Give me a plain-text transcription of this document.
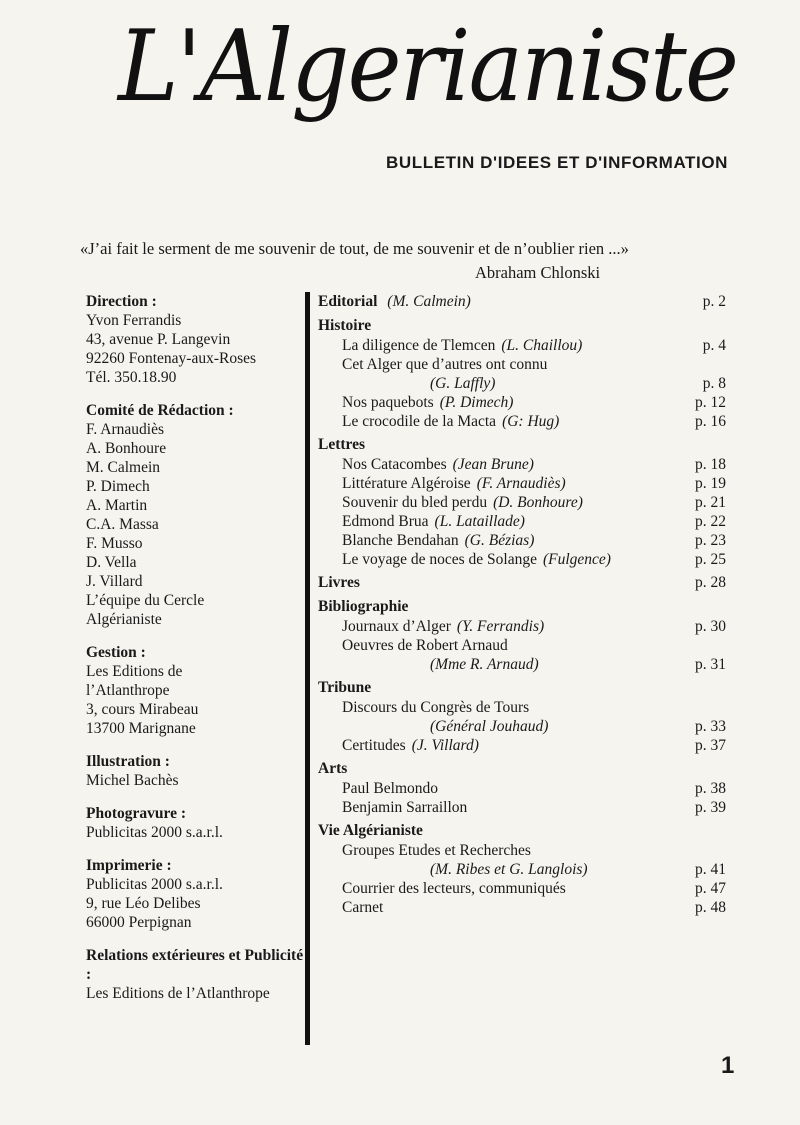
L'Algerianiste
BULLETIN D'IDEES ET D'INFORMATION
«J’ai fait le serment de me souvenir de tout, de me souvenir et de n’oublier rien ...»
Abraham Chlonski
Direction :
Yvon Ferrandis
43, avenue P. Langevin
92260 Fontenay-aux-Roses
Tél. 350.18.90
Comité de Rédaction :
F. Arnaudiès
A. Bonhoure
M. Calmein
P. Dimech
A. Martin
C.A. Massa
F. Musso
D. Vella
J. Villard
L’équipe du Cercle
Algérianiste
Gestion :
Les Editions de
l’Atlanthrope
3, cours Mirabeau
13700 Marignane
Illustration :
Michel Bachès
Photogravure :
Publicitas 2000 s.a.r.l.
Imprimerie :
Publicitas 2000 s.a.r.l.
9, rue Léo Delibes
66000 Perpignan
Relations extérieures et Publicité :
Les Editions de l’Atlanthrope
Editorial (M. Calmein)	p. 2
Histoire
La diligence de Tlemcen (L. Chaillou)	p. 4
Cet Alger que d’autres ont connu
(G. Laffly)	p. 8
Nos paquebots (P. Dimech)	p. 12
Le crocodile de la Macta (G: Hug)	p. 16
Lettres
Nos Catacombes (Jean Brune)	p. 18
Littérature Algéroise (F. Arnaudiès)	p. 19
Souvenir du bled perdu (D. Bonhoure)	p. 21
Edmond Brua (L. Lataillade)	p. 22
Blanche Bendahan (G. Bézias)	p. 23
Le voyage de noces de Solange (Fulgence)	p. 25
Livres	p. 28
Bibliographie
Journaux d’Alger (Y. Ferrandis)	p. 30
Oeuvres de Robert Arnaud
(Mme R. Arnaud)	p. 31
Tribune
Discours du Congrès de Tours
(Général Jouhaud)	p. 33
Certitudes (J. Villard)	p. 37
Arts
Paul Belmondo	p. 38
Benjamin Sarraillon	p. 39
Vie Algérianiste
Groupes Etudes et Recherches
(M. Ribes et G. Langlois)	p. 41
Courrier des lecteurs, communiqués	p. 47
Carnet	p. 48
1
